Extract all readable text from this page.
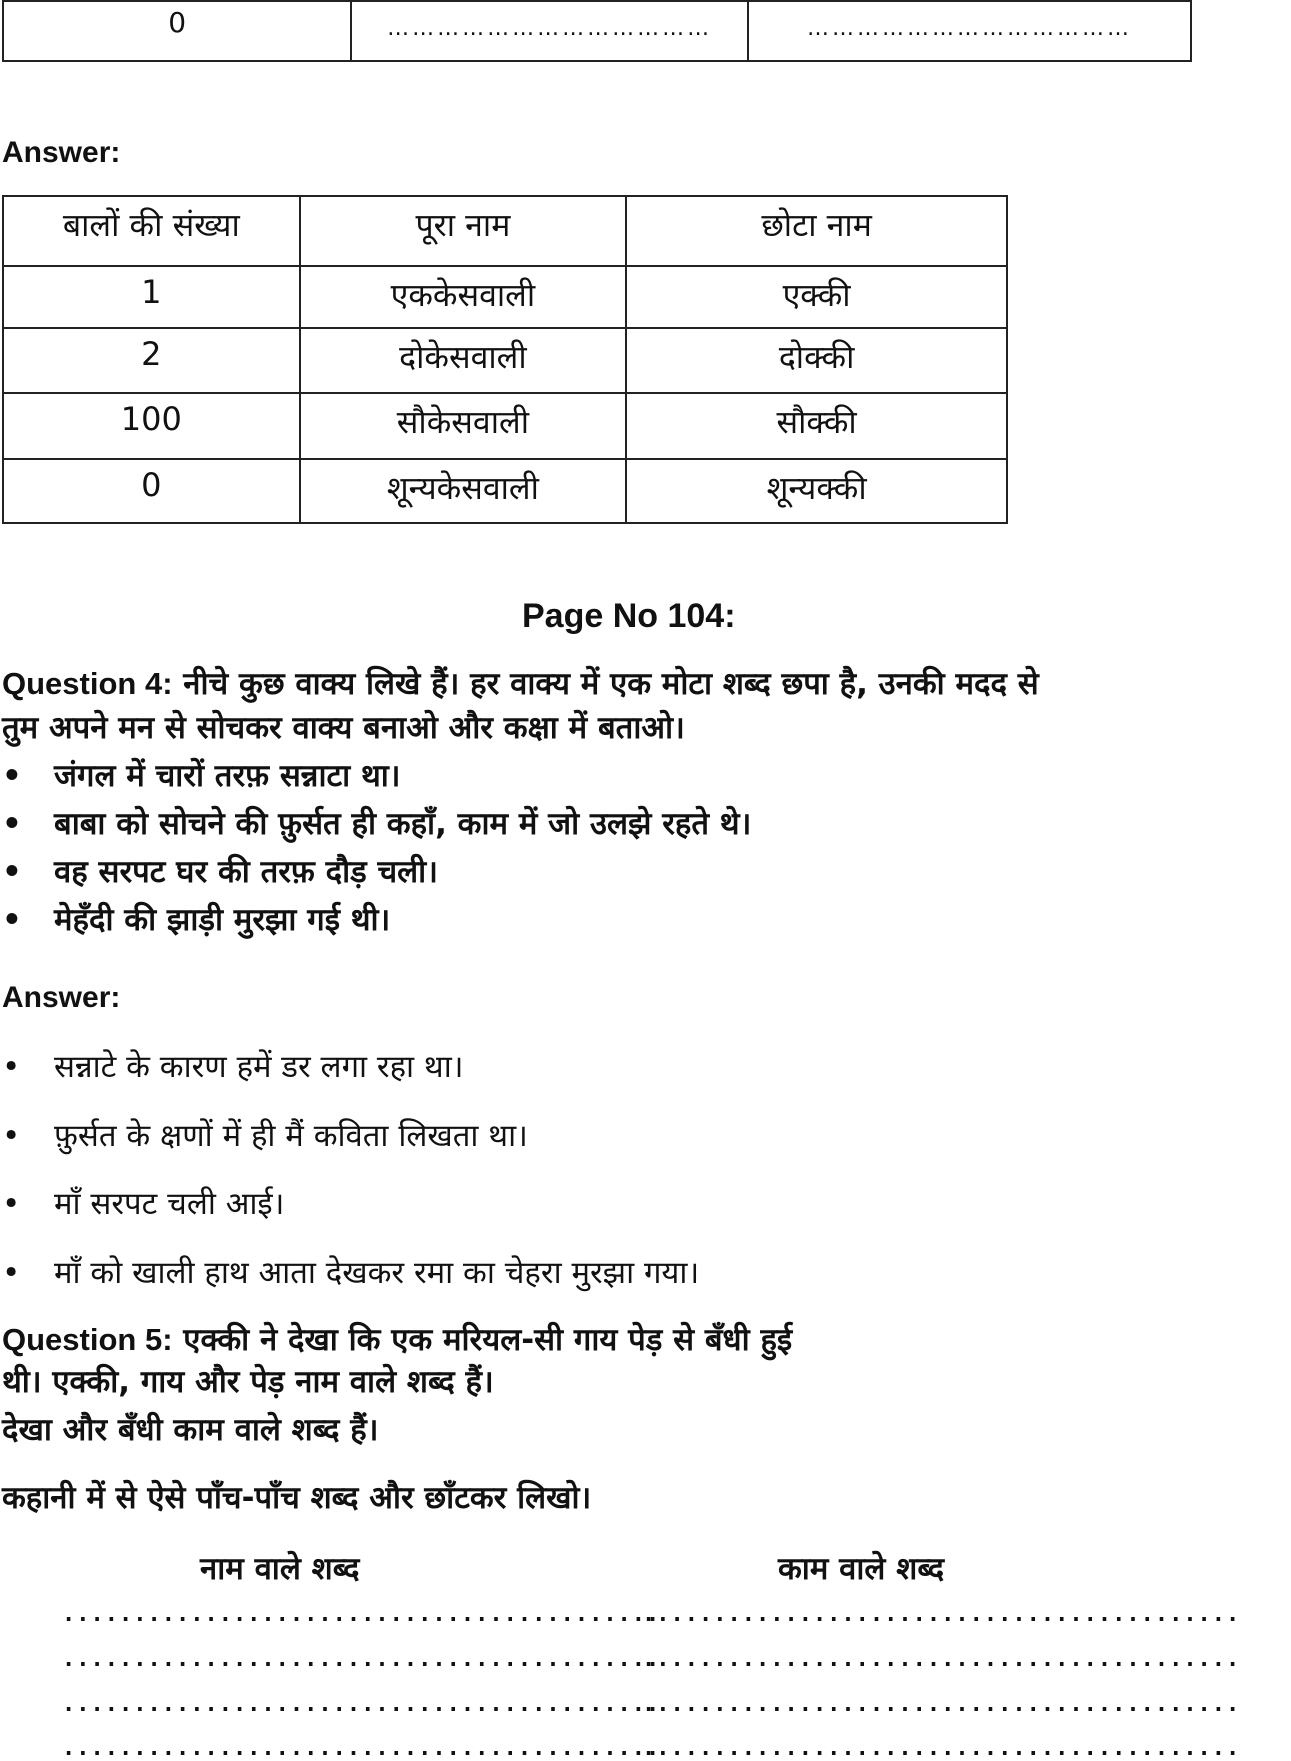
0	…………………………………	…………………………………
Answer:
बालों की संख्या	पूरा नाम	छोटा नाम
1	एककेसवाली	एक्की
2	दोकेसवाली	दोक्की
100	सौकेसवाली	सौक्की
0	शून्यकेसवाली	शून्यक्की
Page No 104:
Question 4: नीचे कुछ वाक्य लिखे हैं। हर वाक्य में एक मोटा शब्द छपा है, उनकी मदद से
तुम अपने मन से सोचकर वाक्य बनाओ और कक्षा में बताओ।
• जंगल में चारों तरफ़ सन्नाटा था।
• बाबा को सोचने की फ़ुर्सत ही कहाँ, काम में जो उलझे रहते थे।
• वह सरपट घर की तरफ़ दौड़ चली।
• मेहँदी की झाड़ी मुरझा गई थी।
Answer:
• सन्नाटे के कारण हमें डर लगा रहा था।
• फ़ुर्सत के क्षणों में ही मैं कविता लिखता था।
• माँ सरपट चली आई।
• माँ को खाली हाथ आता देखकर रमा का चेहरा मुरझा गया।
Question 5: एक्की ने देखा कि एक मरियल-सी गाय पेड़ से बँधी हुई
थी। एक्की, गाय और पेड़ नाम वाले शब्द हैं।
देखा और बँधी काम वाले शब्द हैं।
कहानी में से ऐसे पाँच-पाँच शब्द और छाँटकर लिखो।
नाम वाले शब्द	काम वाले शब्द
..........................................
..........................................
..........................................
..........................................
..........................................
..........................................
..........................................
..........................................
